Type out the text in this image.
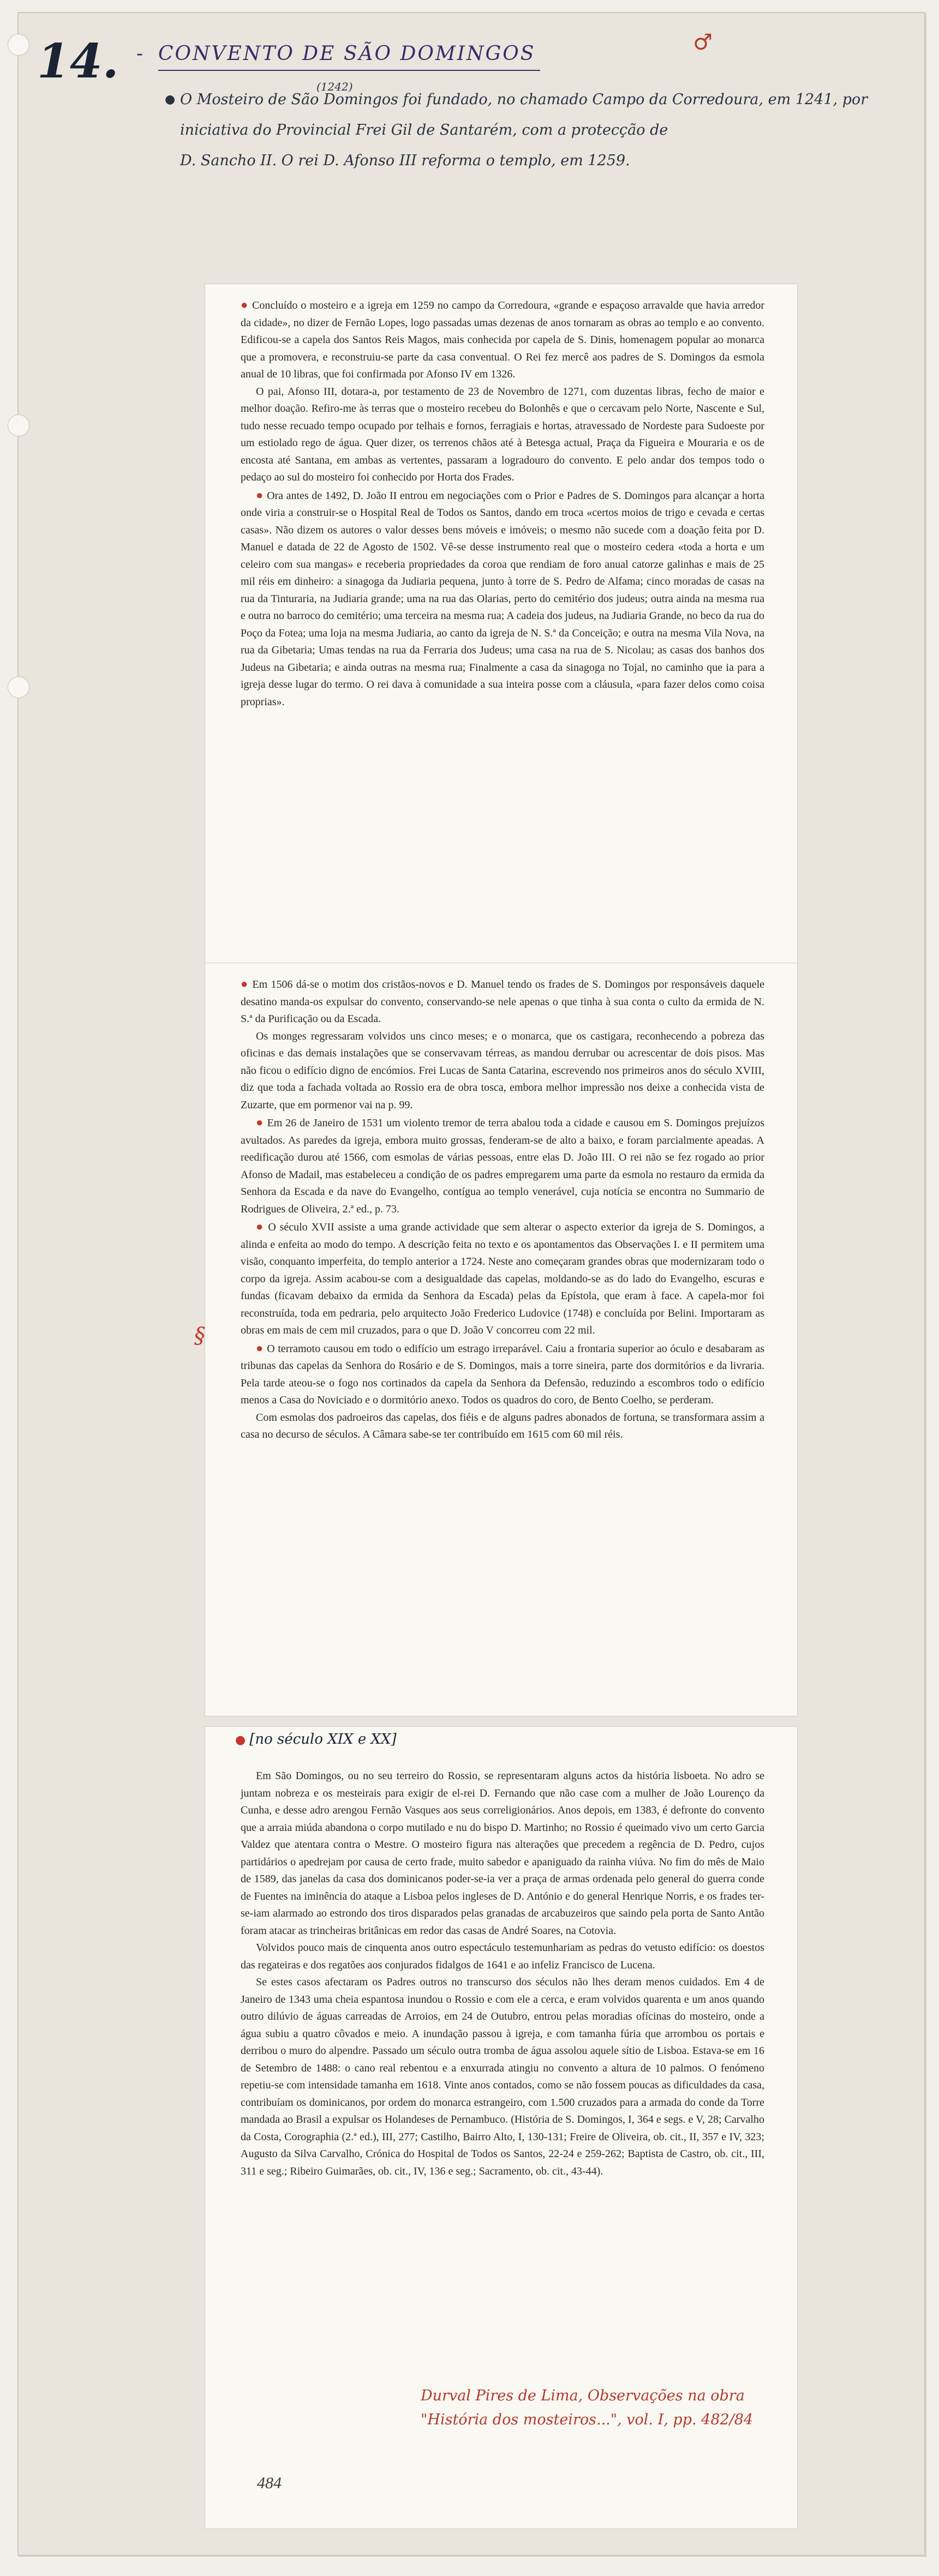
14. - CONVENTO DE SÃO DOMINGOS	♂
● O Mosteiro de São Domingos foi fundado, no chamado Campo da Corredoura, em 1241, por iniciativa do Provincial Frei Gil de Santarém, com a protecção de
(1242)
D. Sancho II. O rei D. Afonso III reforma o templo, em 1259.

● Concluído o mosteiro e a igreja em 1259 no campo da Corredoura, «grande e espaçoso arravalde que havia arredor da cidade», no dizer de Fernão Lopes, logo passadas umas dezenas de anos tornaram as obras ao templo e ao convento. Edificou-se a capela dos Santos Reis Magos, mais conhecida por capela de S. Dinis, homenagem popular ao monarca que a promovera, e reconstruiu-se parte da casa conventual. O Rei fez mercê aos padres de S. Domingos da esmola anual de 10 libras, que foi confirmada por Afonso IV em 1326.

O pai, Afonso III, dotara-a, por testamento de 23 de Novembro de 1271, com duzentas libras, fecho de maior e melhor doação. Refiro-me às terras que o mosteiro recebeu do Bolonhês e que o cercavam pelo Norte, Nascente e Sul, tudo nesse recuado tempo ocupado por telhais e fornos, ferragiais e hortas, atravessado de Nordeste para Sudoeste por um estiolado rego de água. Quer dizer, os terrenos chãos até à Betesga actual, Praça da Figueira e Mouraria e os de encosta até Santana, em ambas as vertentes, passaram a logradouro do convento. E pelo andar dos tempos todo o pedaço ao sul do mosteiro foi conhecido por Horta dos Frades.

● Ora antes de 1492, D. João II entrou em negociações com o Prior e Padres de S. Domingos para alcançar a horta onde viria a construir-se o Hospital Real de Todos os Santos, dando em troca «certos moios de trigo e cevada e certas casas». Não dizem os autores o valor desses bens móveis e imóveis; o mesmo não sucede com a doação feita por D. Manuel e datada de 22 de Agosto de 1502. Vê-se desse instrumento real que o mosteiro cedera «toda a horta e um celeiro com sua mangas» e receberia propriedades da coroa que rendiam de foro anual catorze galinhas e mais de 25 mil réis em dinheiro: a sinagoga da Judiaria pequena, junto à torre de S. Pedro de Alfama; cinco moradas de casas na rua da Tinturaria, na Judiaria grande; uma na rua das Olarias, perto do cemitério dos judeus; outra ainda na mesma rua e outra no barroco do cemitério; uma terceira na mesma rua; A cadeia dos judeus, na Judiaria Grande, no beco da rua do Poço da Fotea; uma loja na mesma Judiaria, ao canto da igreja de N. S.ª da Conceição; e outra na mesma Vila Nova, na rua da Gibetaria; Umas tendas na rua da Ferraria dos Judeus; uma casa na rua de S. Nicolau; as casas dos banhos dos Judeus na Gibetaria; e ainda outras na mesma rua; Finalmente a casa da sinagoga no Tojal, no caminho que ia para a igreja desse lugar do termo. O rei dava à comunidade a sua inteira posse com a cláusula, «para fazer delos como coisa proprias».

● Em 1506 dá-se o motim dos cristãos-novos e D. Manuel tendo os frades de S. Domingos por responsáveis daquele desatino manda-os expulsar do convento, conservando-se nele apenas o que tinha à sua conta o culto da ermida de N. S.ª da Purificação ou da Escada.

Os monges regressaram volvidos uns cinco meses; e o monarca, que os castigara, reconhecendo a pobreza das oficinas e das demais instalações que se conservavam térreas, as mandou derrubar ou acrescentar de dois pisos. Mas não ficou o edifício digno de encómios. Frei Lucas de Santa Catarina, escrevendo nos primeiros anos do século XVIII, diz que toda a fachada voltada ao Rossio era de obra tosca, embora melhor impressão nos deixe a conhecida vista de Zuzarte, que em pormenor vai na p. 99.

● Em 26 de Janeiro de 1531 um violento tremor de terra abalou toda a cidade e causou em S. Domingos prejuízos avultados. As paredes da igreja, embora muito grossas, fenderam-se de alto a baixo, e foram parcialmente apeadas. A reedificação durou até 1566, com esmolas de várias pessoas, entre elas D. João III. O rei não se fez rogado ao prior Afonso de Madail, mas estabeleceu a condição de os padres empregarem uma parte da esmola no restauro da ermida da Senhora da Escada e da nave do Evangelho, contígua ao templo venerável, cuja notícia se encontra no Summario de Rodrigues de Oliveira, 2.ª ed., p. 73.

● O século XVII assiste a uma grande actividade que sem alterar o aspecto exterior da igreja de S. Domingos, a alinda e enfeita ao modo do tempo. A descrição feita no texto e os apontamentos das Observações I. e II permitem uma visão, conquanto imperfeita, do templo anterior a 1724. Neste ano começaram grandes obras que modernizaram todo o corpo da igreja. Assim acabou-se com a desigualdade das capelas, moldando-se as do lado do Evangelho, escuras e fundas (ficavam debaixo da ermida da Senhora da Escada) pelas da Epístola, que eram à face. A capela-mor foi reconstruída, toda em pedraria, pelo arquitecto João Frederico Ludovice (1748) e concluída por Belini. Importaram as obras em mais de cem mil cruzados, para o que D. João V concorreu com 22 mil.

● O terramoto causou em todo o edifício um estrago irreparável. Caiu a frontaria superior ao óculo e desabaram as tribunas das capelas da Senhora do Rosário e de S. Domingos, mais a torre sineira, parte dos dormitórios e da livraria. Pela tarde ateou-se o fogo nos cortinados da capela da Senhora da Defensão, reduzindo a escombros todo o edifício menos a Casa do Noviciado e o dormitório anexo. Todos os quadros do coro, de Bento Coelho, se perderam.

Com esmolas dos padroeiros das capelas, dos fiéis e de alguns padres abonados de fortuna, se transformara assim a casa no decurso de séculos. A Câmara sabe-se ter contribuído em 1615 com 60 mil réis.

§
● [no século XIX e XX]

Em São Domingos, ou no seu terreiro do Rossio, se representaram alguns actos da história lisboeta. No adro se juntam nobreza e os mesteirais para exigir de el-rei D. Fernando que não case com a mulher de João Lourenço da Cunha, e desse adro arengou Fernão Vasques aos seus correligionários. Anos depois, em 1383, é defronte do convento que a arraia miúda abandona o corpo mutilado e nu do bispo D. Martinho; no Rossio é queimado vivo um certo Garcia Valdez que atentara contra o Mestre. O mosteiro figura nas alterações que precedem a regência de D. Pedro, cujos partidários o apedrejam por causa de certo frade, muito sabedor e apaniguado da rainha viúva. No fim do mês de Maio de 1589, das janelas da casa dos dominicanos poder-se-ia ver a praça de armas ordenada pelo general do guerra conde de Fuentes na iminência do ataque a Lisboa pelos ingleses de D. António e do general Henrique Norris, e os frades ter-se-iam alarmado ao estrondo dos tiros disparados pelas granadas de arcabuzeiros que saindo pela porta de Santo Antão foram atacar as trincheiras britânicas em redor das casas de André Soares, na Cotovia.

Volvidos pouco mais de cinquenta anos outro espectáculo testemunhariam as pedras do vetusto edifício: os doestos das regateiras e dos regatões aos conjurados fidalgos de 1641 e ao infeliz Francisco de Lucena.

Se estes casos afectaram os Padres outros no transcurso dos séculos não lhes deram menos cuidados. Em 4 de Janeiro de 1343 uma cheia espantosa inundou o Rossio e com ele a cerca, e eram volvidos quarenta e um anos quando outro dilúvio de águas carreadas de Arroios, em 24 de Outubro, entrou pelas moradias ofícinas do mosteiro, onde a água subiu a quatro côvados e meio. A inundação passou à igreja, e com tamanha fúria que arrombou os portais e derribou o muro do alpendre. Passado um século outra tromba de água assolou aquele sítio de Lisboa. Estava-se em 16 de Setembro de 1488: o cano real rebentou e a enxurrada atingiu no convento a altura de 10 palmos. O fenómeno repetiu-se com intensidade tamanha em 1618. Vinte anos contados, como se não fossem poucas as dificuldades da casa, contribuíam os dominicanos, por ordem do monarca estrangeiro, com 1.500 cruzados para a armada do conde da Torre mandada ao Brasil a expulsar os Holandeses de Pernambuco. (História de S. Domingos, I, 364 e segs. e V, 28; Carvalho da Costa, Corographia (2.ª ed.), III, 277; Castilho, Bairro Alto, I, 130-131; Freire de Oliveira, ob. cit., II, 357 e IV, 323; Augusto da Silva Carvalho, Crónica do Hospital de Todos os Santos, 22-24 e 259-262; Baptista de Castro, ob. cit., III, 311 e seg.; Ribeiro Guimarães, ob. cit., IV, 136 e seg.; Sacramento, ob. cit., 43-44).

Durval Pires de Lima, Observações na obra
"História dos mosteiros...", vol. I, pp. 482/84
484
